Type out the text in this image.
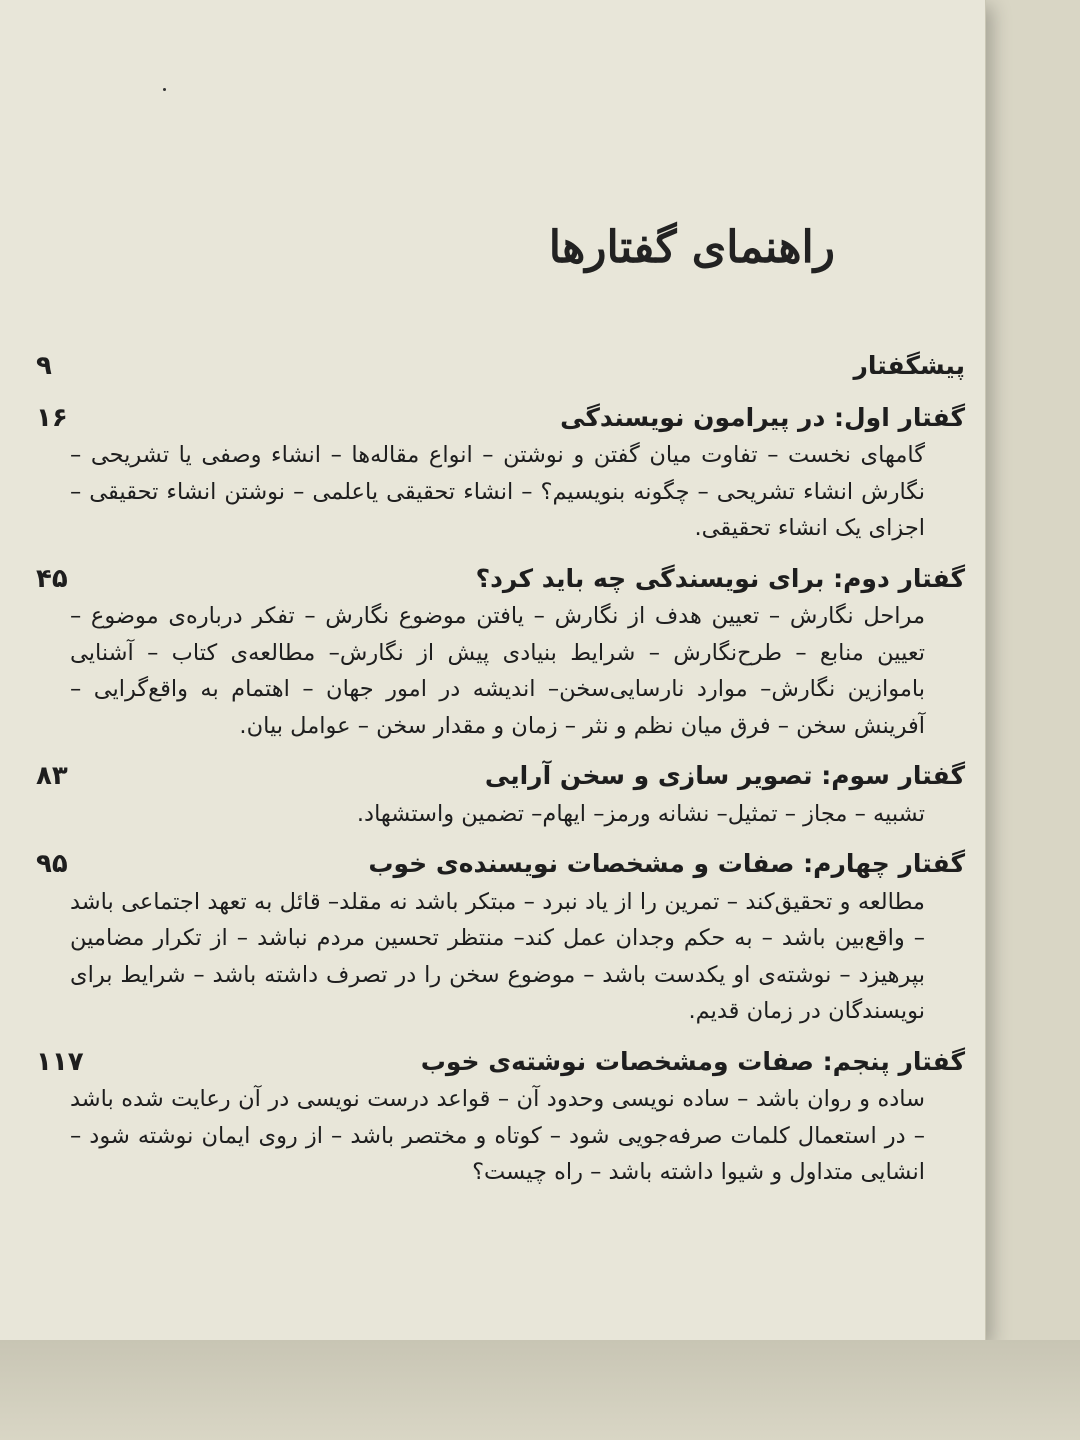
راهنمای گفتارها
پیشگفتار
۹
گفتار اول: در پیرامون نویسندگی
۱۶
گامهای نخست – تفاوت میان گفتن و نوشتن – انواع مقاله‌ها – انشاء وصفی یا تشریحی – نگارش انشاء تشریحی – چگونه بنویسیم؟ – انشاء تحقیقی یاعلمی – نوشتن انشاء تحقیقی – اجزای یک انشاء تحقیقی.
گفتار دوم: برای نویسندگی چه باید کرد؟
۴۵
مراحل نگارش – تعیین هدف از نگارش – یافتن موضوع نگارش – تفکر درباره‌ی موضوع – تعیین منابع – طرح‌نگارش – شرایط بنیادی پیش از نگارش– مطالعه‌ی کتاب – آشنایی باموازین نگارش– موارد نارسایی‌سخن– اندیشه در امور جهان – اهتمام به واقع‌گرایی – آفرینش سخن – فرق میان نظم و نثر – زمان و مقدار سخن – عوامل بیان.
گفتار سوم: تصویر سازی و سخن آرایی
۸۳
تشبیه – مجاز – تمثیل– نشانه ورمز– ایهام– تضمین واستشهاد.
گفتار چهارم: صفات و مشخصات نویسنده‌ی خوب
۹۵
مطالعه و تحقیق‌کند – تمرین را از یاد نبرد – مبتکر باشد نه مقلد– قائل به تعهد اجتماعی باشد – واقع‌بین باشد – به حکم وجدان عمل کند– منتظر تحسین مردم نباشد – از تکرار مضامین بپرهیزد – نوشته‌ی او یکدست باشد – موضوع سخن را در تصرف داشته باشد – شرایط برای نویسندگان در زمان قدیم.
گفتار پنجم: صفات ومشخصات نوشته‌ی خوب
۱۱۷
ساده و روان باشد – ساده نویسی وحدود آن – قواعد درست نویسی در آن رعایت شده باشد – در استعمال کلمات صرفه‌جویی شود – کوتاه و مختصر باشد – از روی ایمان نوشته شود – انشایی متداول و شیوا داشته باشد – راه چیست؟
